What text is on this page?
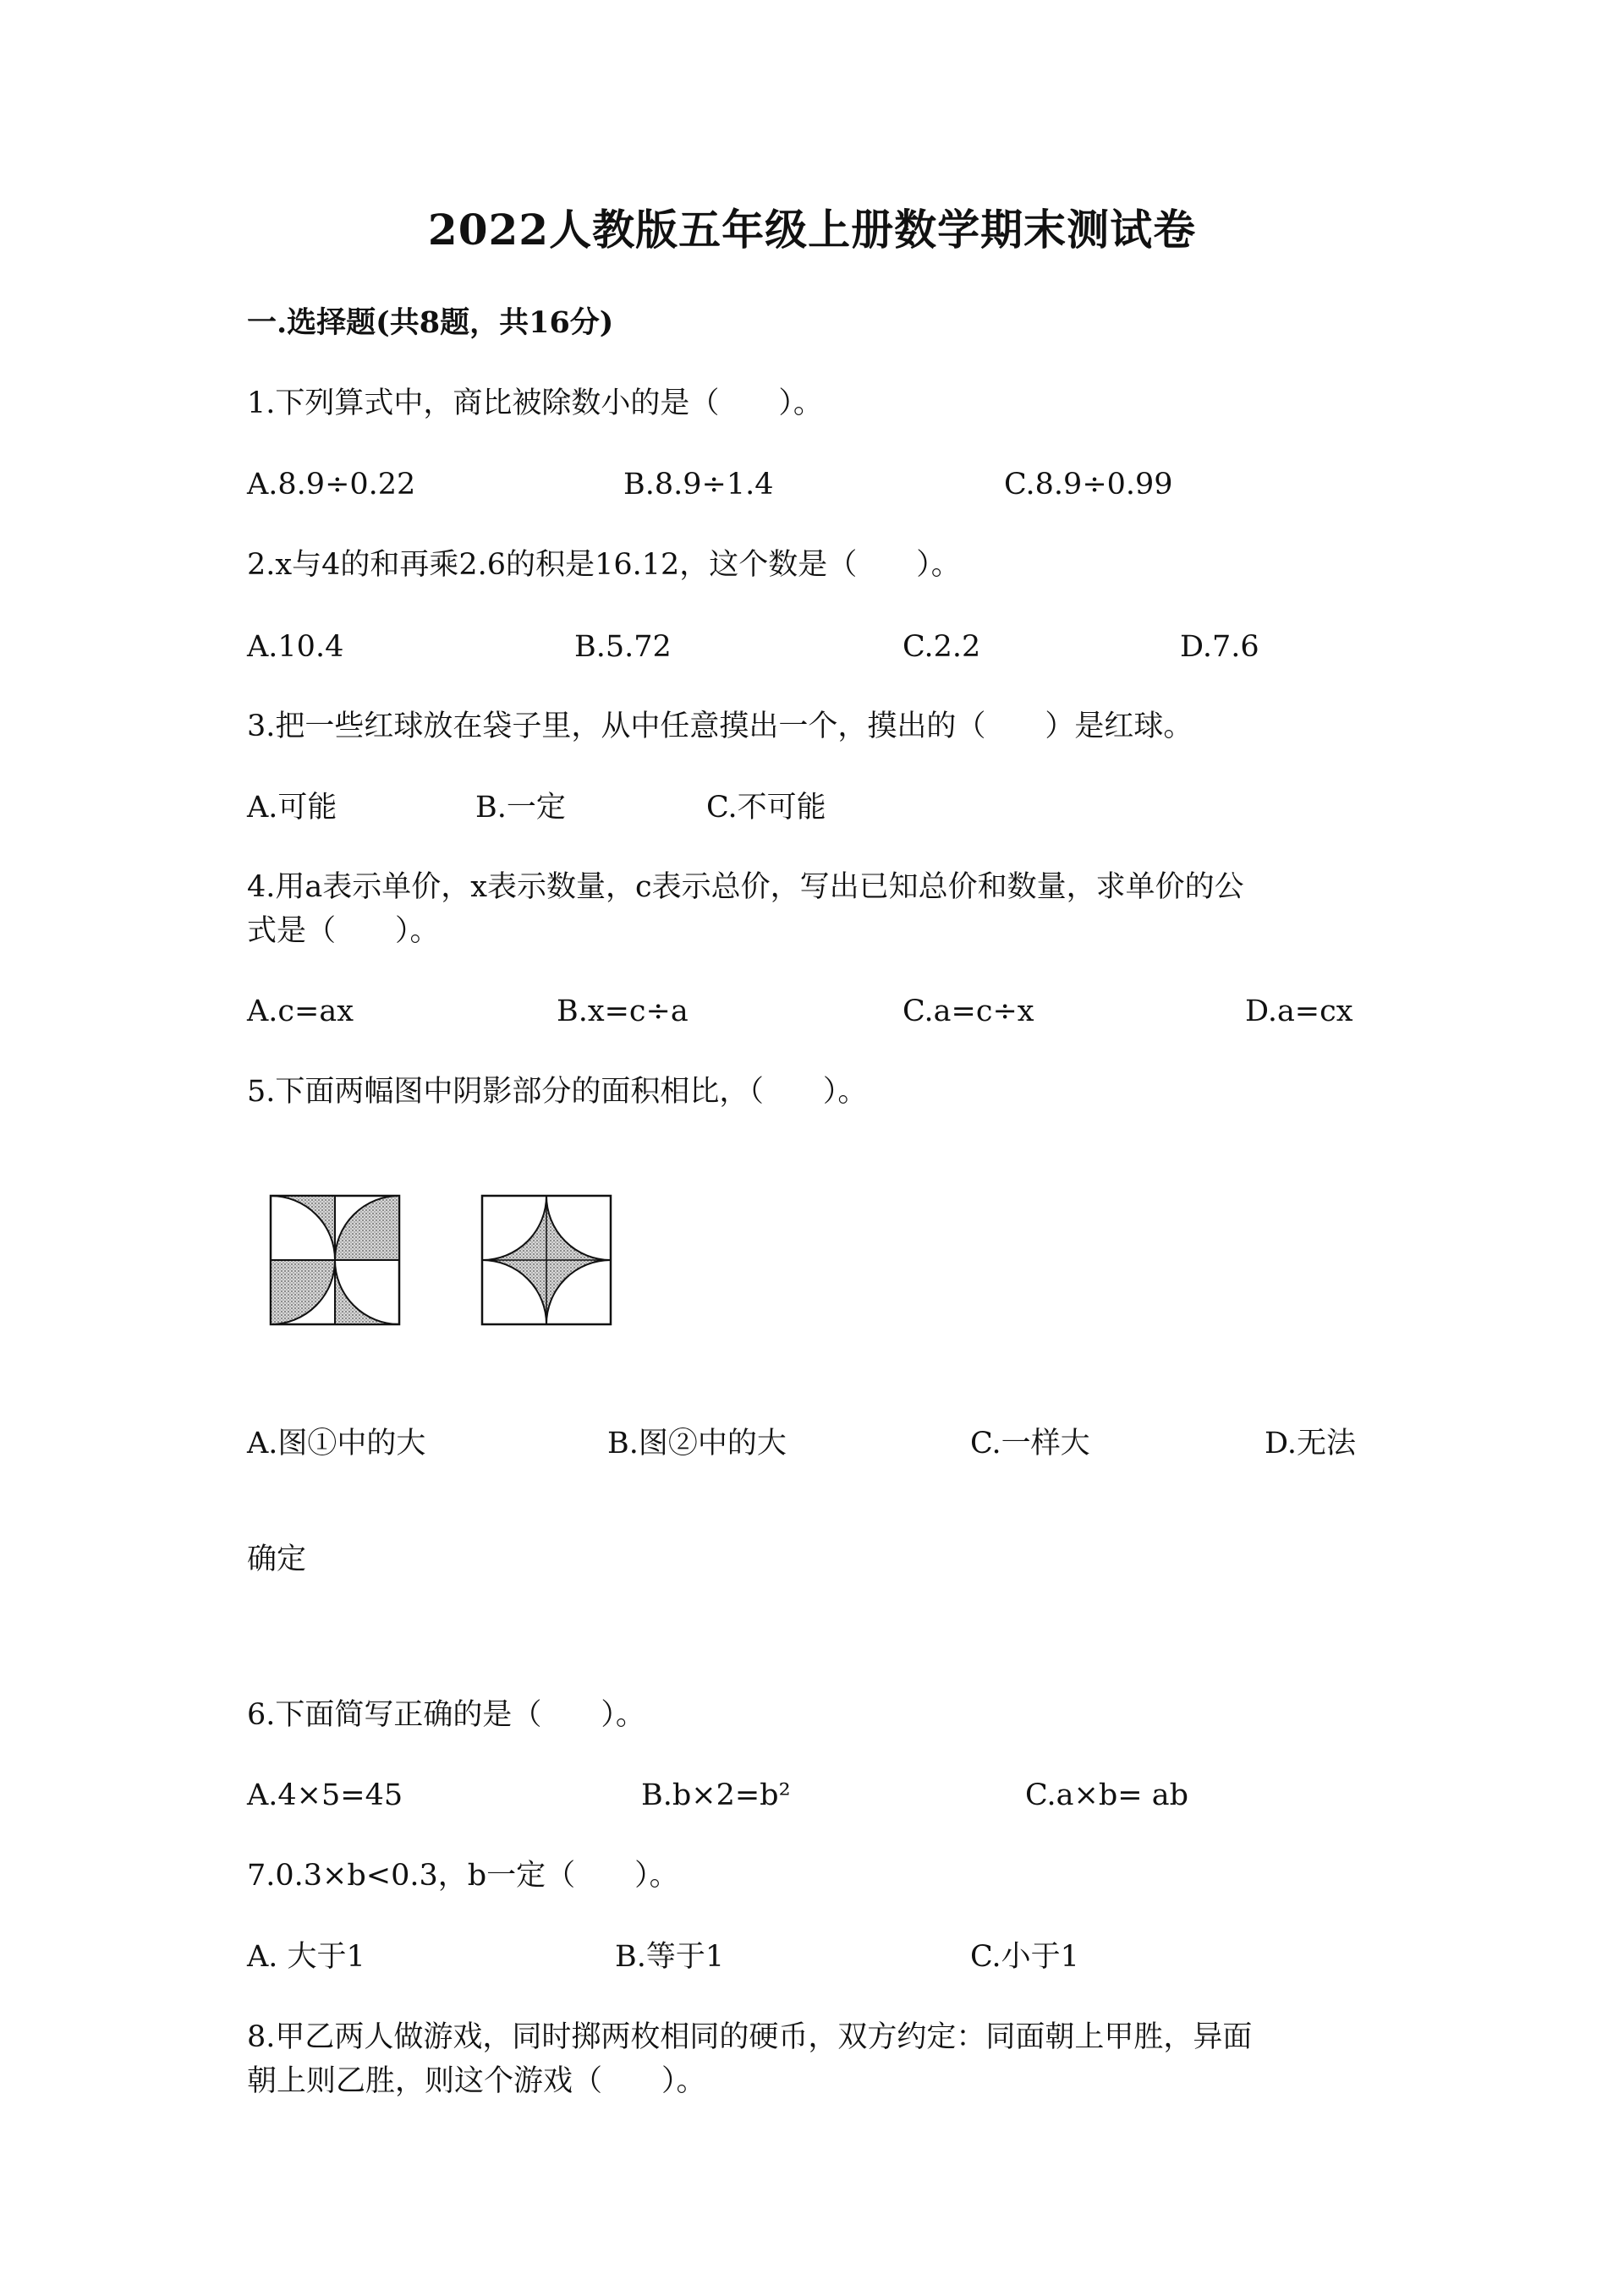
2022人教版五年级上册数学期末测试卷
一.选择题(共8题，共16分)
1.下列算式中，商比被除数小的是（　　）。
A.8.9÷0.22	B.8.9÷1.4	C.8.9÷0.99
2.x与4的和再乘2.6的积是16.12，这个数是（　　）。
A.10.4	B.5.72	C.2.2	D.7.6
3.把一些红球放在袋子里，从中任意摸出一个，摸出的（　　）是红球。
A.可能	B.一定	C.不可能
4.用a表示单价，x表示数量，c表示总价，写出已知总价和数量，求单价的公
式是（　　）。
A.c=ax	B.x=c÷a	C.a=c÷x	D.a=cx
5.下面两幅图中阴影部分的面积相比，（　　）。
A.图①中的大	B.图②中的大	C.一样大	D.无法
确定
6.下面简写正确的是（　　）。
A.4×5=45	B.b×2=b²	C.a×b= ab
7.0.3×b<0.3，b一定（　　）。
A. 大于1	B.等于1	C.小于1
8.甲乙两人做游戏，同时掷两枚相同的硬币，双方约定：同面朝上甲胜，异面
朝上则乙胜，则这个游戏（　　）。
